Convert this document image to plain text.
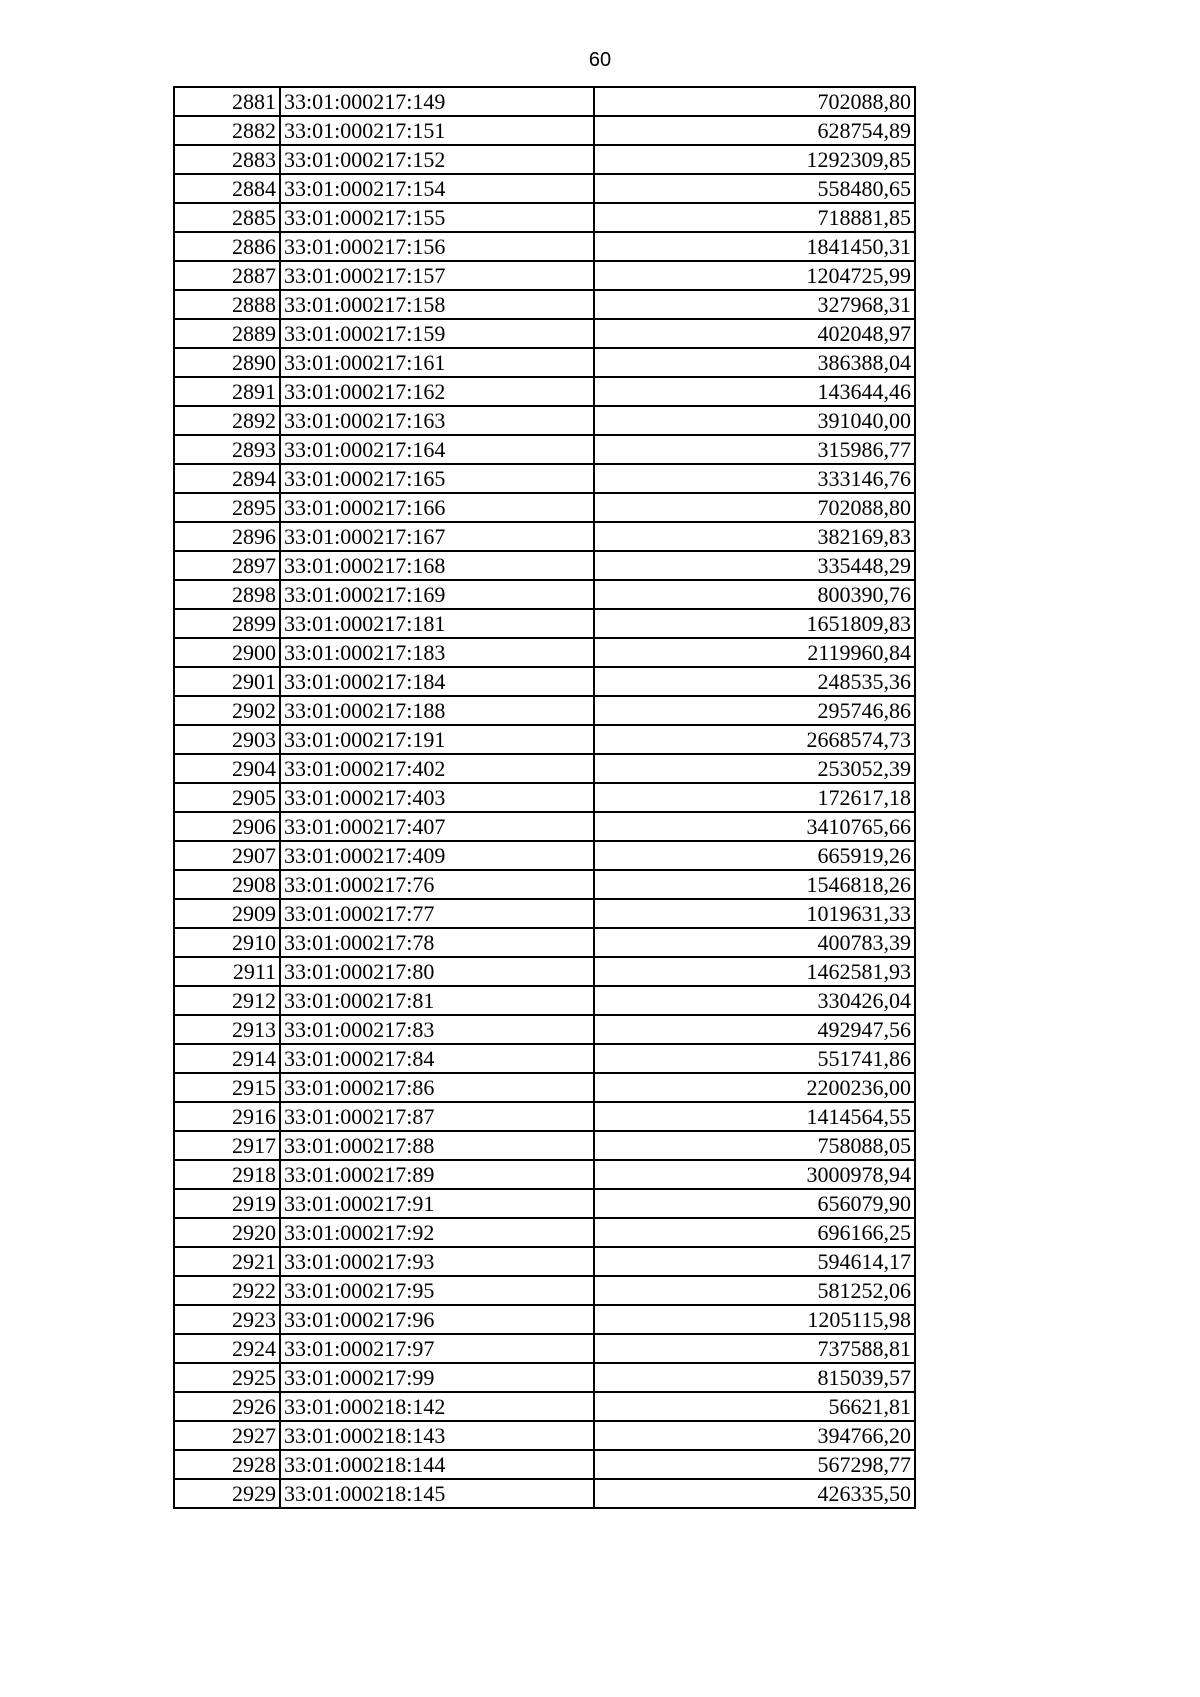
60
2881	33:01:000217:149	702088,80
2882	33:01:000217:151	628754,89
2883	33:01:000217:152	1292309,85
2884	33:01:000217:154	558480,65
2885	33:01:000217:155	718881,85
2886	33:01:000217:156	1841450,31
2887	33:01:000217:157	1204725,99
2888	33:01:000217:158	327968,31
2889	33:01:000217:159	402048,97
2890	33:01:000217:161	386388,04
2891	33:01:000217:162	143644,46
2892	33:01:000217:163	391040,00
2893	33:01:000217:164	315986,77
2894	33:01:000217:165	333146,76
2895	33:01:000217:166	702088,80
2896	33:01:000217:167	382169,83
2897	33:01:000217:168	335448,29
2898	33:01:000217:169	800390,76
2899	33:01:000217:181	1651809,83
2900	33:01:000217:183	2119960,84
2901	33:01:000217:184	248535,36
2902	33:01:000217:188	295746,86
2903	33:01:000217:191	2668574,73
2904	33:01:000217:402	253052,39
2905	33:01:000217:403	172617,18
2906	33:01:000217:407	3410765,66
2907	33:01:000217:409	665919,26
2908	33:01:000217:76	1546818,26
2909	33:01:000217:77	1019631,33
2910	33:01:000217:78	400783,39
2911	33:01:000217:80	1462581,93
2912	33:01:000217:81	330426,04
2913	33:01:000217:83	492947,56
2914	33:01:000217:84	551741,86
2915	33:01:000217:86	2200236,00
2916	33:01:000217:87	1414564,55
2917	33:01:000217:88	758088,05
2918	33:01:000217:89	3000978,94
2919	33:01:000217:91	656079,90
2920	33:01:000217:92	696166,25
2921	33:01:000217:93	594614,17
2922	33:01:000217:95	581252,06
2923	33:01:000217:96	1205115,98
2924	33:01:000217:97	737588,81
2925	33:01:000217:99	815039,57
2926	33:01:000218:142	56621,81
2927	33:01:000218:143	394766,20
2928	33:01:000218:144	567298,77
2929	33:01:000218:145	426335,50
